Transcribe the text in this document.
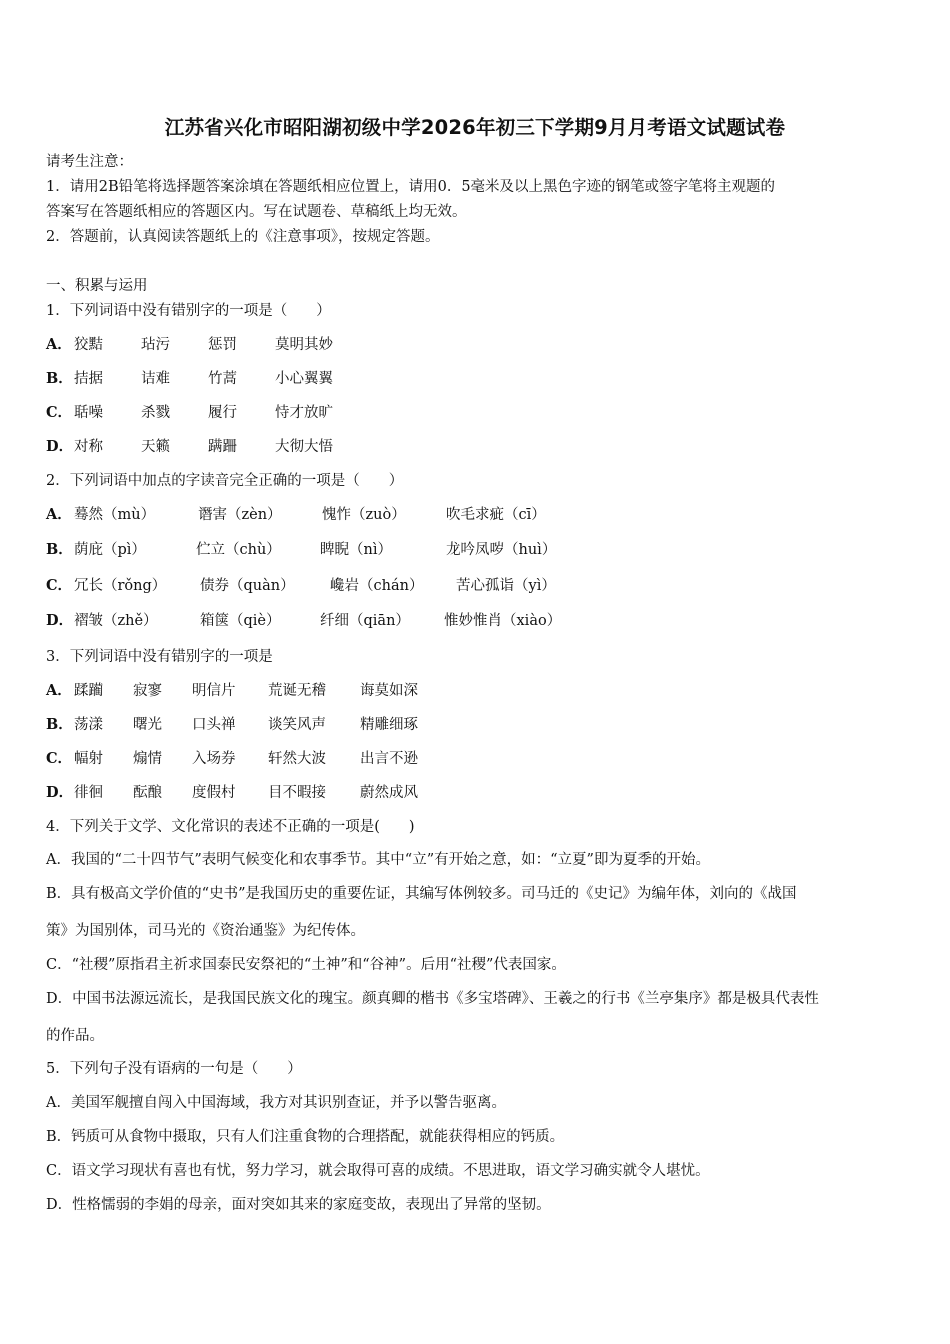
江苏省兴化市昭阳湖初级中学2026年初三下学期9月月考语文试题试卷
请考生注意：
1．请用2B铅笔将选择题答案涂填在答题纸相应位置上，请用0．5毫米及以上黑色字迹的钢笔或签字笔将主观题的
答案写在答题纸相应的答题区内。写在试题卷、草稿纸上均无效。
2．答题前，认真阅读答题纸上的《注意事项》，按规定答题。
一、积累与运用
1．下列词语中没有错别字的一项是（　　）
A． 狡黠	玷污	惩罚	莫明其妙
B．拮据	诘难	竹蒿	小心翼翼
C． 聒噪	杀戮	履行	恃才放旷
D．对称	天籁	蹒跚	大彻大悟
2．下列词语中加点的字读音完全正确的一项是（　　）
A． 蓦然（mù）	谮害（zèn）	愧怍（zuò）	吹毛求疵（cī）
B．荫庇（pì）	伫立（chù）	睥睨（nì）	龙吟凤哕（huì）
C． 冗长（rǒng） 债券（quàn） 巉岩（chán） 苦心孤诣（yì）
D．褶皱（zhě）	箱箧（qiè）	纤细（qiān） 惟妙惟肖（xiào）
3．下列词语中没有错别字的一项是
A． 蹂躏 寂寥 明信片 荒诞无稽 诲莫如深
B．荡漾 曙光 口头禅 谈笑风声 精雕细琢
C． 幅射 煽情 入场券 轩然大波 出言不逊
D．徘徊 酝酿 度假村 目不暇接 蔚然成风
4．下列关于文学、文化常识的表述不正确的一项是(　　)
A．我国的“二十四节气”表明气候变化和农事季节。其中“立”有开始之意，如：“立夏”即为夏季的开始。
B．具有极高文学价值的“史书”是我国历史的重要佐证，其编写体例较多。司马迁的《史记》为编年体，刘向的《战国
策》为国别体，司马光的《资治通鉴》为纪传体。
C．“社稷”原指君主祈求国泰民安祭祀的“土神”和“谷神”。后用“社稷”代表国家。
D．中国书法源远流长，是我国民族文化的瑰宝。颜真卿的楷书《多宝塔碑》、王羲之的行书《兰亭集序》都是极具代表性
的作品。
5．下列句子没有语病的一句是（　　）
A．美国军舰擅自闯入中国海域，我方对其识别查证，并予以警告驱离。
B．钙质可从食物中摄取，只有人们注重食物的合理搭配，就能获得相应的钙质。
C．语文学习现状有喜也有忧，努力学习，就会取得可喜的成绩。不思进取，语文学习确实就令人堪忧。
D．性格懦弱的李娟的母亲，面对突如其来的家庭变故，表现出了异常的坚韧。
